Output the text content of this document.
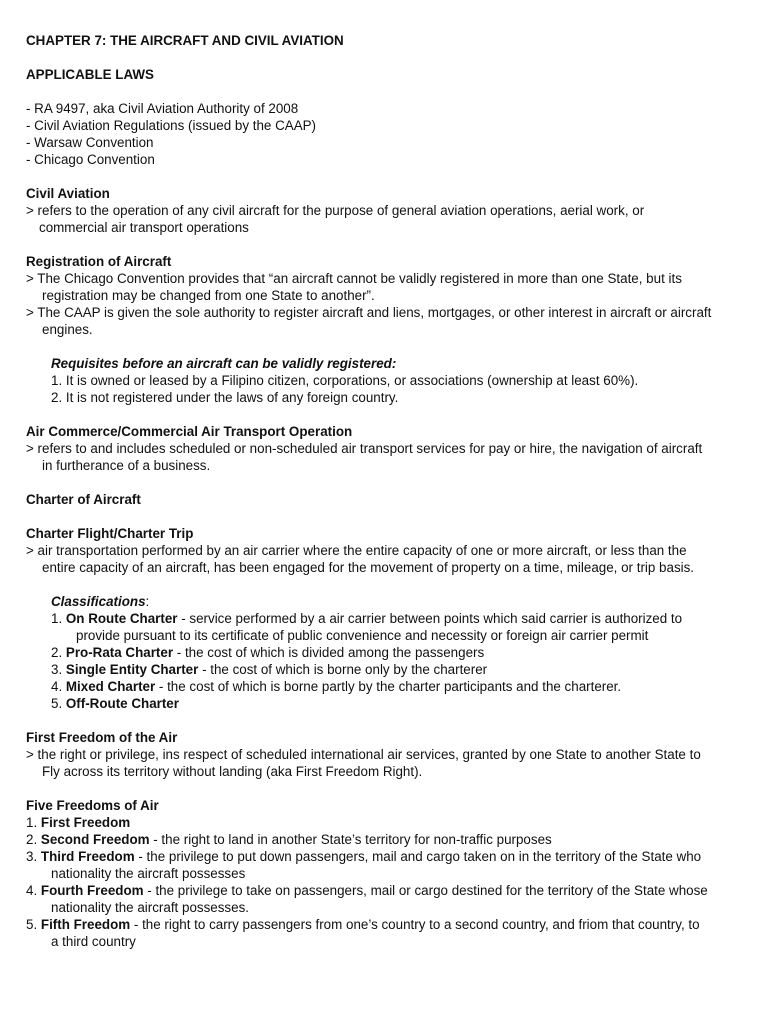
CHAPTER 7: THE AIRCRAFT AND CIVIL AVIATION
APPLICABLE LAWS
- RA 9497, aka Civil Aviation Authority of 2008
- Civil Aviation Regulations (issued by the CAAP)
- Warsaw Convention
- Chicago Convention
Civil Aviation
> refers to the operation of any civil aircraft for the purpose of general aviation operations, aerial work, or
commercial air transport operations
Registration of Aircraft
> The Chicago Convention provides that “an aircraft cannot be validly registered in more than one State, but its
registration may be changed from one State to another”.
> The CAAP is given the sole authority to register aircraft and liens, mortgages, or other interest in aircraft or aircraft
engines.
Requisites before an aircraft can be validly registered:
1. It is owned or leased by a Filipino citizen, corporations, or associations (ownership at least 60%).
2. It is not registered under the laws of any foreign country.
Air Commerce/Commercial Air Transport Operation
> refers to and includes scheduled or non-scheduled air transport services for pay or hire, the navigation of aircraft
in furtherance of a business.
Charter of Aircraft
Charter Flight/Charter Trip
> air transportation performed by an air carrier where the entire capacity of one or more aircraft, or less than the
entire capacity of an aircraft, has been engaged for the movement of property on a time, mileage, or trip basis.
Classifications:
1. On Route Charter - service performed by a air carrier between points which said carrier is authorized to
provide pursuant to its certificate of public convenience and necessity or foreign air carrier permit
2. Pro-Rata Charter - the cost of which is divided among the passengers
3. Single Entity Charter - the cost of which is borne only by the charterer
4. Mixed Charter - the cost of which is borne partly by the charter participants and the charterer.
5. Off-Route Charter
First Freedom of the Air
> the right or privilege, ins respect of scheduled international air services, granted by one State to another State to
Fly across its territory without landing (aka First Freedom Right).
Five Freedoms of Air
1. First Freedom
2. Second Freedom - the right to land in another State’s territory for non-traffic purposes
3. Third Freedom - the privilege to put down passengers, mail and cargo taken on in the territory of the State who
nationality the aircraft possesses
4. Fourth Freedom - the privilege to take on passengers, mail or cargo destined for the territory of the State whose
nationality the aircraft possesses.
5. Fifth Freedom - the right to carry passengers from one’s country to a second country, and friom that country, to
a third country
